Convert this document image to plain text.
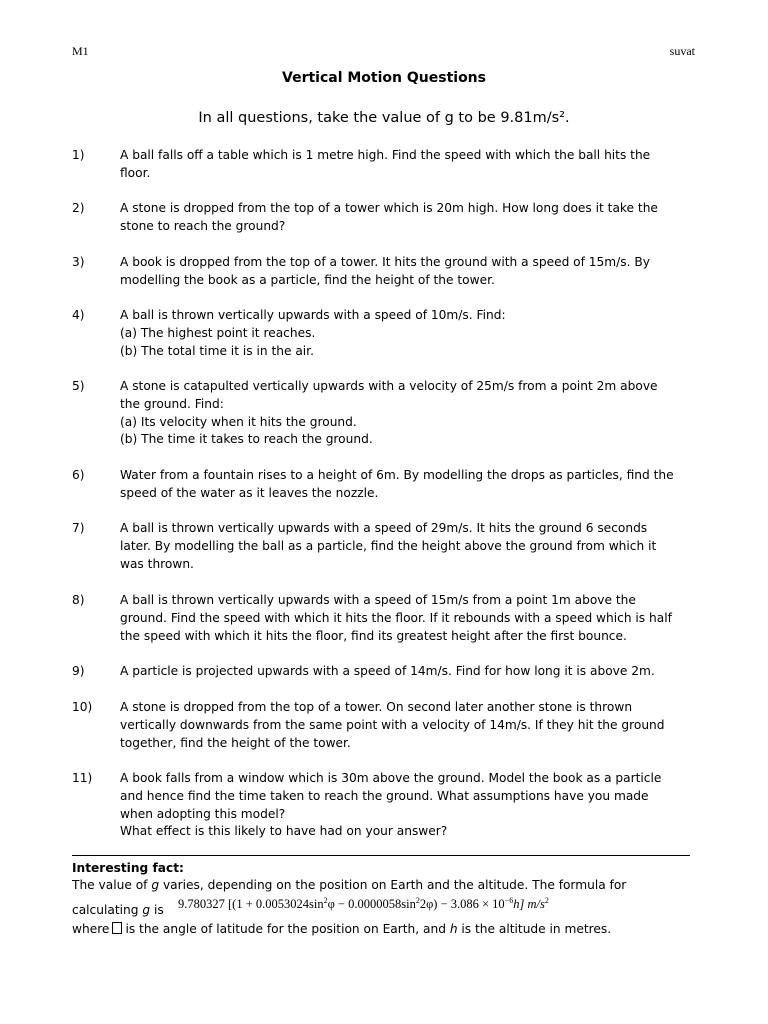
M1	suvat
Vertical Motion Questions
In all questions, take the value of g to be 9.81m/s².
1)	A ball falls off a table which is 1 metre high. Find the speed with which the ball hits the
floor.
2)	A stone is dropped from the top of a tower which is 20m high. How long does it take the
stone to reach the ground?
3)	A book is dropped from the top of a tower. It hits the ground with a speed of 15m/s. By
modelling the book as a particle, find the height of the tower.
4)	A ball is thrown vertically upwards with a speed of 10m/s. Find:
(a) The highest point it reaches.
(b) The total time it is in the air.
5)	A stone is catapulted vertically upwards with a velocity of 25m/s from a point 2m above
the ground. Find:
(a) Its velocity when it hits the ground.
(b) The time it takes to reach the ground.
6)	Water from a fountain rises to a height of 6m. By modelling the drops as particles, find the
speed of the water as it leaves the nozzle.
7)	A ball is thrown vertically upwards with a speed of 29m/s. It hits the ground 6 seconds
later. By modelling the ball as a particle, find the height above the ground from which it
was thrown.
8)	A ball is thrown vertically upwards with a speed of 15m/s from a point 1m above the
ground. Find the speed with which it hits the floor. If it rebounds with a speed which is half
the speed with which it hits the floor, find its greatest height after the first bounce.
9)	A particle is projected upwards with a speed of 14m/s. Find for how long it is above 2m.
10) A stone is dropped from the top of a tower. On second later another stone is thrown
vertically downwards from the same point with a velocity of 14m/s. If they hit the ground
together, find the height of the tower.
11) A book falls from a window which is 30m above the ground. Model the book as a particle
and hence find the time taken to reach the ground. What assumptions have you made
when adopting this model?
What effect is this likely to have had on your answer?
Interesting fact:
The value of g varies, depending on the position on Earth and the altitude. The formula for
calculating g is 9.780327 $[(1 + 0.0053024\sin^2\varphi - 0.0000058\sin^22\varphi) - 3.086 \times 10^{-6}h]$ $m/s^2$
where is the angle of latitude for the position on Earth, and h is the altitude in metres.
